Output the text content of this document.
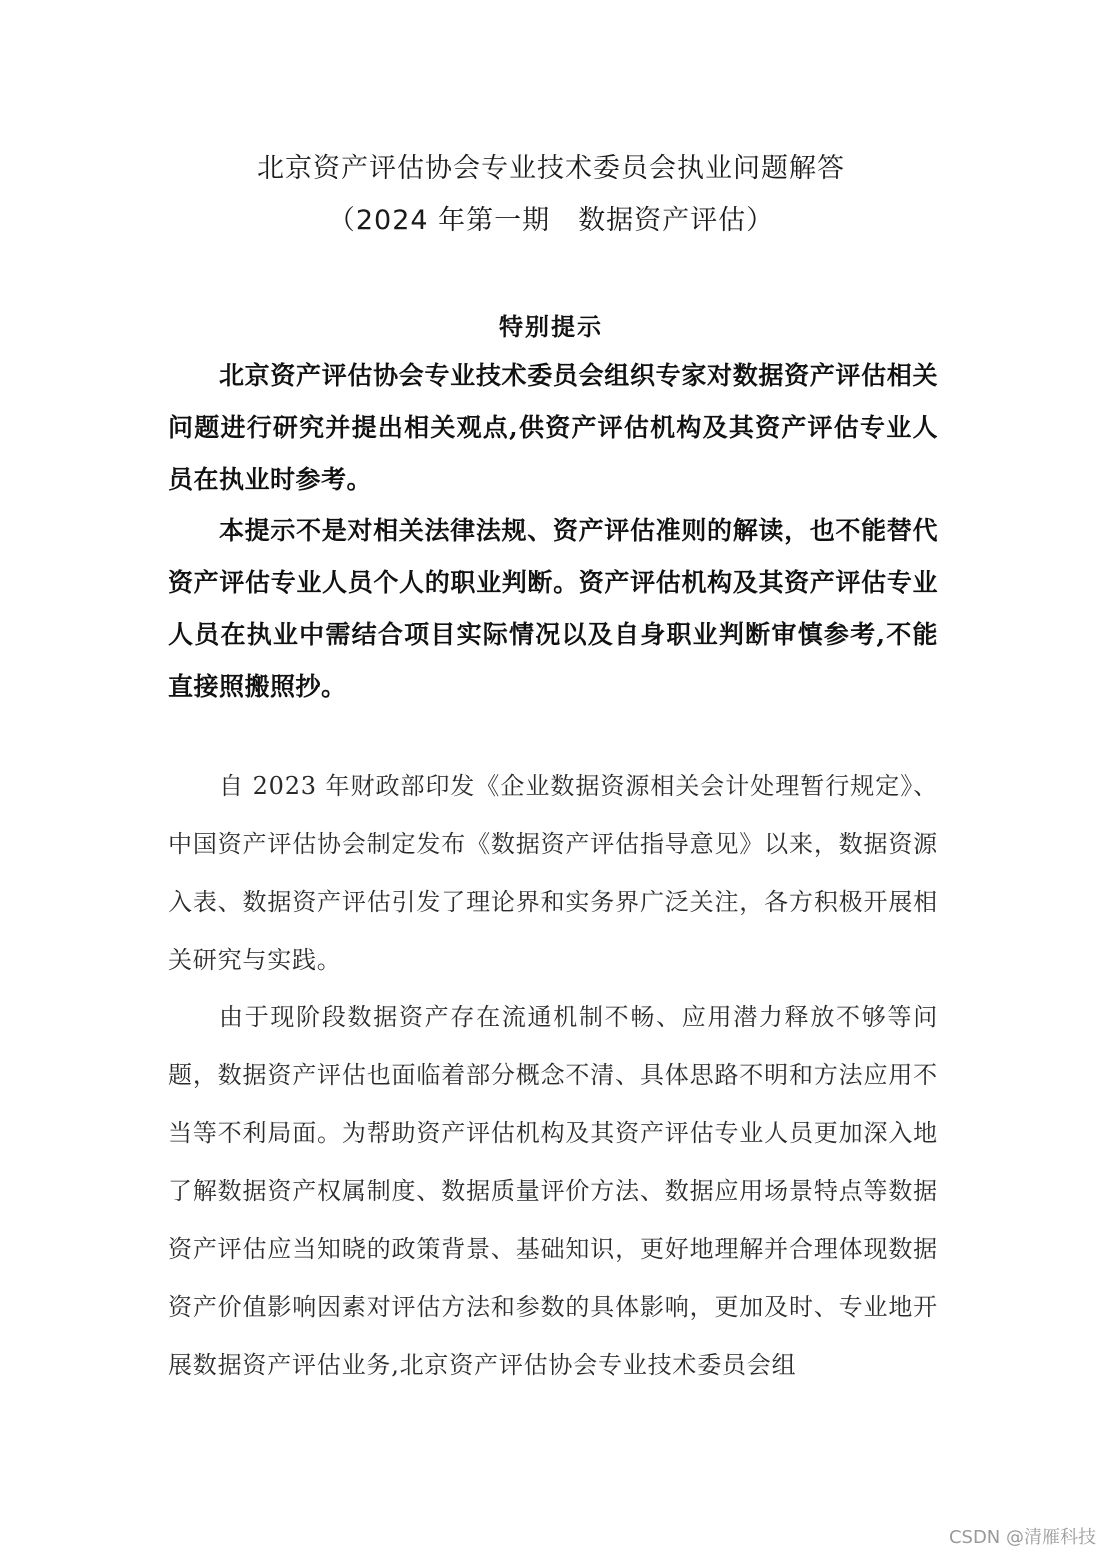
北京资产评估协会专业技术委员会执业问题解答
（2024 年第一期　数据资产评估）
特别提示

北京资产评估协会专业技术委员会组织专家对数据资产评估相关问题进行研究并提出相关观点,供资产评估机构及其资产评估专业人员在执业时参考。

本提示不是对相关法律法规、资产评估准则的解读，也不能替代资产评估专业人员个人的职业判断。资产评估机构及其资产评估专业人员在执业中需结合项目实际情况以及自身职业判断审慎参考,不能直接照搬照抄。

自 2023 年财政部印发《企业数据资源相关会计处理暂行规定》、中国资产评估协会制定发布《数据资产评估指导意见》以来，数据资源入表、数据资产评估引发了理论界和实务界广泛关注，各方积极开展相关研究与实践。

由于现阶段数据资产存在流通机制不畅、应用潜力释放不够等问题，数据资产评估也面临着部分概念不清、具体思路不明和方法应用不当等不利局面。为帮助资产评估机构及其资产评估专业人员更加深入地了解数据资产权属制度、数据质量评价方法、数据应用场景特点等数据资产评估应当知晓的政策背景、基础知识，更好地理解并合理体现数据资产价值影响因素对评估方法和参数的具体影响，更加及时、专业地开展数据资产评估业务,北京资产评估协会专业技术委员会组

CSDN @清雁科技
